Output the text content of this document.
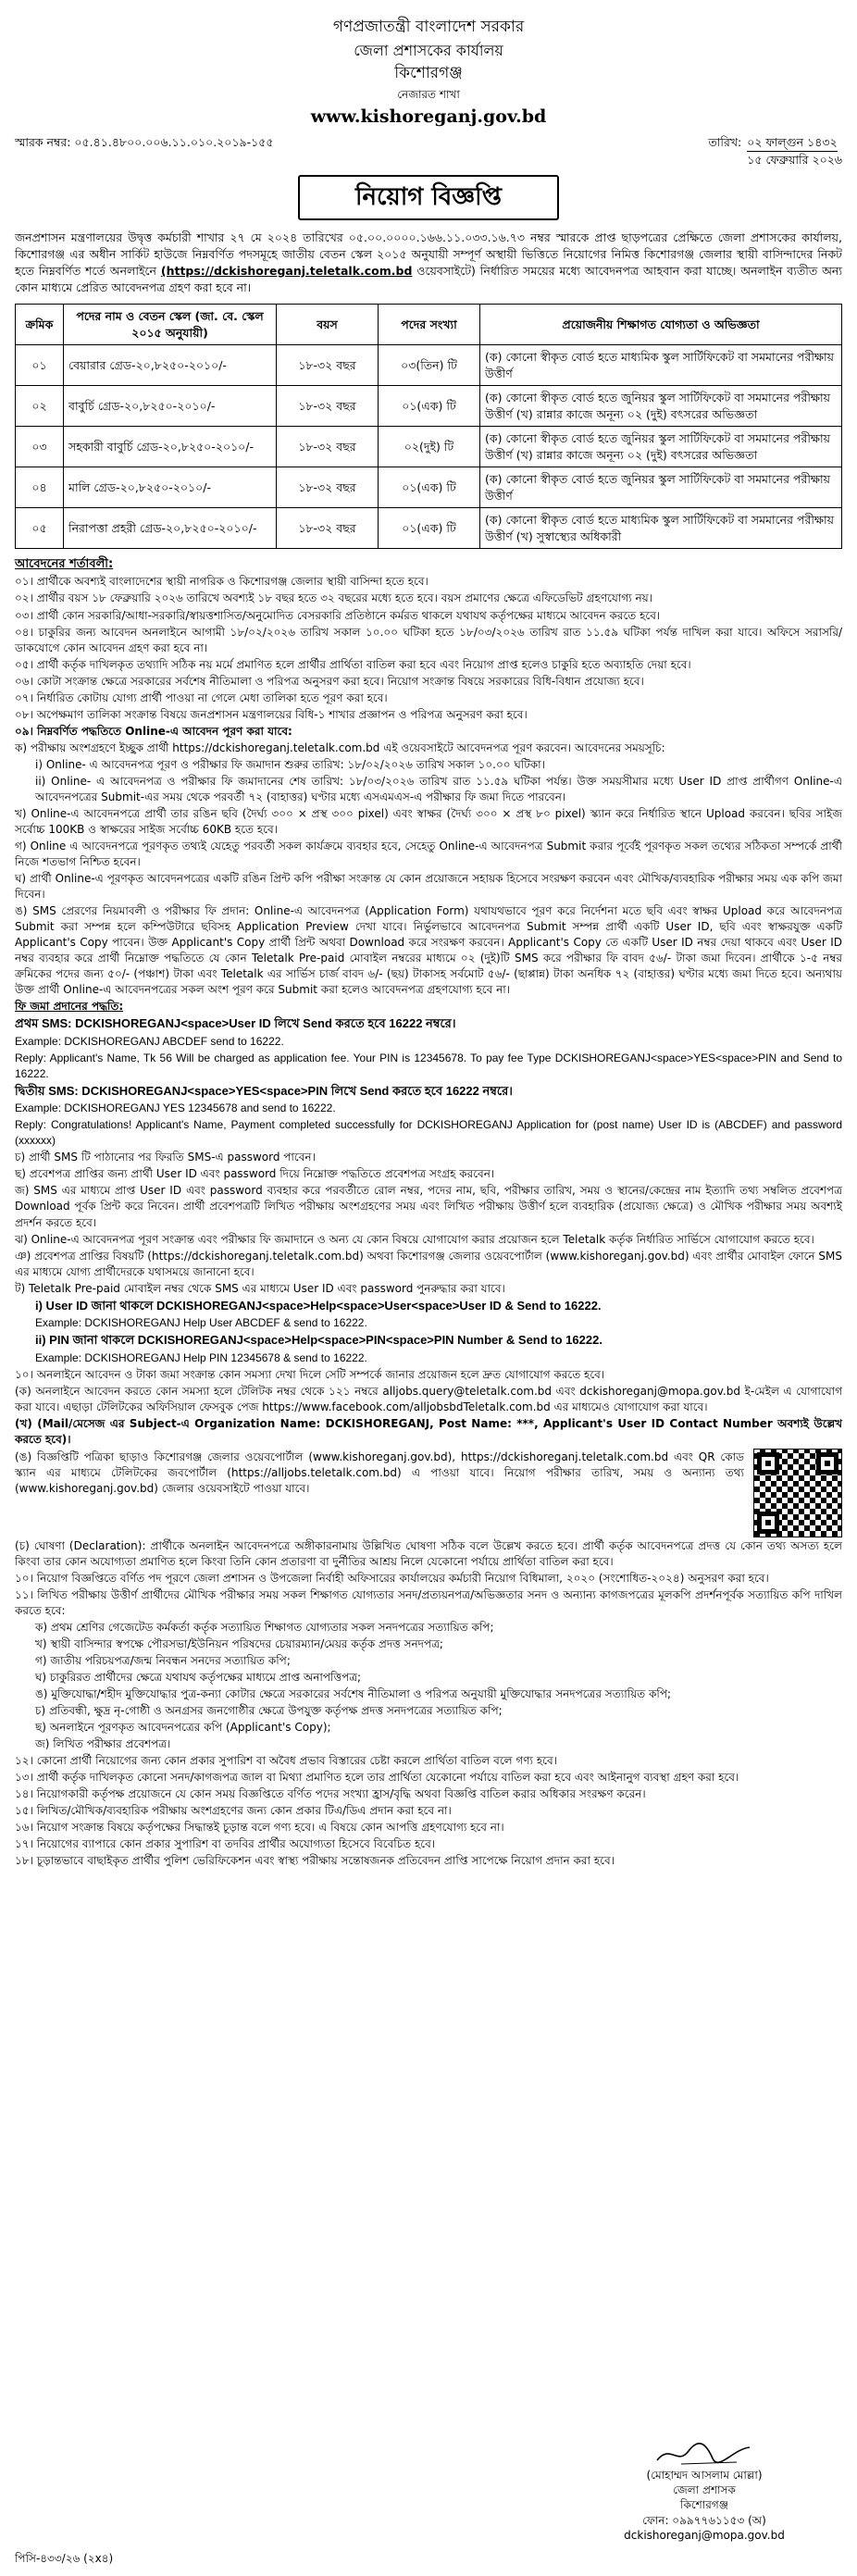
গণপ্রজাতন্ত্রী বাংলাদেশ সরকার
জেলা প্রশাসকের কার্যালয়
কিশোরগঞ্জ
নেজারত শাখা
www.kishoreganj.gov.bd
স্মারক নম্বর: ০৫.৪১.৪৮০০.০০৬.১১.০১০.২০১৯-১৫৫	তারিখ: ০২ ফাল্গুন ১৪৩২
১৫ ফেব্রুয়ারি ২০২৬
নিয়োগ বিজ্ঞপ্তি
জনপ্রশাসন মন্ত্রণালয়ের উদ্বৃত্ত কর্মচারী শাখার ২৭ মে ২০২৪ তারিখের ০৫.০০.০০০০.১৬৬.১১.০৩৩.১৬.৭৩ নম্বর স্মারকে প্রাপ্ত ছাড়পত্রের প্রেক্ষিতে জেলা প্রশাসকের কার্যালয়, কিশোরগঞ্জ এর অধীন সার্কিট হাউজে নিম্নবর্ণিত পদসমূহে জাতীয় বেতন স্কেল ২০১৫ অনুযায়ী সম্পূর্ণ অস্থায়ী ভিত্তিতে নিয়োগের নিমিত্ত কিশোরগঞ্জ জেলার স্থায়ী বাসিন্দাদের নিকট হতে নিম্নবর্ণিত শর্তে অনলাইনে (https://dckishoreganj.teletalk.com.bd ওয়েবসাইটে) নির্ধারিত সময়ের মধ্যে আবেদনপত্র আহবান করা যাচ্ছে। অনলাইন ব্যতীত অন্য কোন মাধ্যমে প্রেরিত আবেদনপত্র গ্রহণ করা হবে না।
ক্রমিক	পদের নাম ও বেতন স্কেল (জা. বে. স্কেল ২০১৫ অনুযায়ী)	বয়স	পদের সংখ্যা	প্রয়োজনীয় শিক্ষাগত যোগ্যতা ও অভিজ্ঞতা
০১	বেয়ারার গ্রেড-২০,৮২৫০-২০১০/-	১৮-৩২ বছর	০৩(তিন) টি	(ক) কোনো স্বীকৃত বোর্ড হতে মাধ্যমিক স্কুল সার্টিফিকেট বা সমমানের পরীক্ষায় উত্তীর্ণ
০২	বাবুর্চি গ্রেড-২০,৮২৫০-২০১০/-	১৮-৩২ বছর	০১(এক) টি	(ক) কোনো স্বীকৃত বোর্ড হতে জুনিয়র স্কুল সার্টিফিকেট বা সমমানের পরীক্ষায় উত্তীর্ণ (খ) রান্নার কাজে অনূন্য ০২ (দুই) বৎসরের অভিজ্ঞতা
০৩	সহকারী বাবুর্চি গ্রেড-২০,৮২৫০-২০১০/-	১৮-৩২ বছর	০২(দুই) টি	(ক) কোনো স্বীকৃত বোর্ড হতে জুনিয়র স্কুল সার্টিফিকেট বা সমমানের পরীক্ষায় উত্তীর্ণ (খ) রান্নার কাজে অনূন্য ০২ (দুই) বৎসরের অভিজ্ঞতা
০৪	মালি গ্রেড-২০,৮২৫০-২০১০/-	১৮-৩২ বছর	০১(এক) টি	(ক) কোনো স্বীকৃত বোর্ড হতে জুনিয়র স্কুল সার্টিফিকেট বা সমমানের পরীক্ষায় উত্তীর্ণ
০৫	নিরাপত্তা প্রহরী গ্রেড-২০,৮২৫০-২০১০/-	১৮-৩২ বছর	০১(এক) টি	(ক) কোনো স্বীকৃত বোর্ড হতে মাধ্যমিক স্কুল সার্টিফিকেট বা সমমানের পরীক্ষায় উত্তীর্ণ (খ) সুস্বাস্থ্যের অধিকারী
আবেদনের শর্তাবলী:

০১। প্রার্থীকে অবশ্যই বাংলাদেশের স্থায়ী নাগরিক ও কিশোরগঞ্জ জেলার স্থায়ী বাসিন্দা হতে হবে।

০২। প্রার্থীর বয়স ১৮ ফেব্রুয়ারি ২০২৬ তারিখে অবশ্যই ১৮ বছর হতে ৩২ বছরের মধ্যে হতে হবে। বয়স প্রমাণের ক্ষেত্রে এফিডেভিট গ্রহণযোগ্য নয়।

০৩। প্রার্থী কোন সরকারি/আধা-সরকারি/স্বায়ত্তশাসিত/অনুমোদিত বেসরকারি প্রতিষ্ঠানে কর্মরত থাকলে যথাযথ কর্তৃপক্ষের মাধ্যমে আবেদন করতে হবে।

০৪। চাকুরির জন্য আবেদন অনলাইনে আগামী ১৮/০২/২০২৬ তারিখ সকাল ১০.০০ ঘটিকা হতে ১৮/০৩/২০২৬ তারিখ রাত ১১.৫৯ ঘটিকা পর্যন্ত দাখিল করা যাবে। অফিসে সরাসরি/ডাকযোগে কোন আবেদন গ্রহণ করা হবে না।

০৫। প্রার্থী কর্তৃক দাখিলকৃত তথ্যাদি সঠিক নয় মর্মে প্রমাণিত হলে প্রার্থীর প্রার্থিতা বাতিল করা হবে এবং নিয়োগ প্রাপ্ত হলেও চাকুরি হতে অব্যাহতি দেয়া হবে।

০৬। কোটা সংক্রান্ত ক্ষেত্রে সরকারের সর্বশেষ নীতিমালা ও পরিপত্র অনুসরণ করা হবে। নিয়োগ সংক্রান্ত বিষয়ে সরকারের বিধি-বিধান প্রযোজ্য হবে।

০৭। নির্ধারিত কোটায় যোগ্য প্রার্থী পাওয়া না গেলে মেধা তালিকা হতে পূরণ করা হবে।

০৮। অপেক্ষমাণ তালিকা সংক্রান্ত বিষয়ে জনপ্রশাসন মন্ত্রণালয়ের বিধি-১ শাখার প্রজ্ঞাপন ও পরিপত্র অনুসরণ করা হবে।

০৯। নিম্নবর্ণিত পদ্ধতিতে Online-এ আবেদন পূরণ করা যাবে:

ক) পরীক্ষায় অংশগ্রহণে ইচ্ছুক প্রার্থী https://dckishoreganj.teletalk.com.bd এই ওয়েবসাইটে আবেদনপত্র পূরণ করবেন। আবেদনের সময়সূচি:

i) Online- এ আবেদনপত্র পূরণ ও পরীক্ষার ফি জমাদান শুরুর তারিখ: ১৮/০২/২০২৬ তারিখ সকাল ১০.০০ ঘটিকা।

ii) Online- এ আবেদনপত্র ও পরীক্ষার ফি জমাদানের শেষ তারিখ: ১৮/০৩/২০২৬ তারিখ রাত ১১.৫৯ ঘটিকা পর্যন্ত। উক্ত সময়সীমার মধ্যে User ID প্রাপ্ত প্রার্থীগণ Online-এ আবেদনপত্রের Submit-এর সময় থেকে পরবর্তী ৭২ (বাহাত্তর) ঘণ্টার মধ্যে এসএমএস-এ পরীক্ষার ফি জমা দিতে পারবেন।

খ) Online-এ আবেদনপত্রে প্রার্থী তার রঙিন ছবি (দৈর্ঘ্য ৩০০ × প্রস্থ ৩০০ pixel) এবং স্বাক্ষর (দৈর্ঘ্য ৩০০ × প্রস্থ ৮০ pixel) স্ক্যান করে নির্ধারিত স্থানে Upload করবেন। ছবির সাইজ সর্বোচ্চ 100KB ও স্বাক্ষরের সাইজ সর্বোচ্চ 60KB হতে হবে।

গ) Online এ আবেদনপত্রে পূরণকৃত তথ্যই যেহেতু পরবর্তী সকল কার্যক্রমে ব্যবহার হবে, সেহেতু Online-এ আবেদনপত্র Submit করার পূর্বেই পূরণকৃত সকল তথ্যের সঠিকতা সম্পর্কে প্রার্থী নিজে শতভাগ নিশ্চিত হবেন।

ঘ) প্রার্থী Online-এ পূরণকৃত আবেদনপত্রের একটি রঙিন প্রিন্ট কপি পরীক্ষা সংক্রান্ত যে কোন প্রয়োজনে সহায়ক হিসেবে সংরক্ষণ করবেন এবং মৌখিক/ব্যবহারিক পরীক্ষার সময় এক কপি জমা দিবেন।

ঙ) SMS প্রেরণের নিয়মাবলী ও পরীক্ষার ফি প্রদান: Online-এ আবেদনপত্র (Application Form) যথাযথভাবে পূরণ করে নির্দেশনা মতে ছবি এবং স্বাক্ষর Upload করে আবেদনপত্র Submit করা সম্পন্ন হলে কম্পিউটারে ছবিসহ Application Preview দেখা যাবে। নির্ভুলভাবে আবেদনপত্র Submit সম্পন্ন প্রার্থী একটি User ID, ছবি এবং স্বাক্ষরযুক্ত একটি Applicant's Copy পাবেন। উক্ত Applicant's Copy প্রার্থী প্রিন্ট অথবা Download করে সংরক্ষণ করবেন। Applicant's Copy তে একটি User ID নম্বর দেয়া থাকবে এবং User ID নম্বর ব্যবহার করে প্রার্থী নিম্নোক্ত পদ্ধতিতে যে কোন Teletalk Pre-paid মোবাইল নম্বরের মাধ্যমে ০২ (দুই)টি SMS করে পরীক্ষার ফি বাবদ ৫৬/- টাকা জমা দিবেন। প্রার্থীকে ১-৫ নম্বর ক্রমিকের পদের জন্য ৫০/- (পঞ্চাশ) টাকা এবং Teletalk এর সার্ভিস চার্জ বাবদ ৬/- (ছয়) টাকাসহ সর্বমোট ৫৬/- (ছাপ্পান্ন) টাকা অনধিক ৭২ (বাহাত্তর) ঘণ্টার মধ্যে জমা দিতে হবে। অন্যথায় উক্ত প্রার্থী Online-এ আবেদনপত্রের সকল অংশ পূরণ করে Submit করা হলেও আবেদনপত্র গ্রহণযোগ্য হবে না।

ফি জমা প্রদানের পদ্ধতি:

প্রথম SMS: DCKISHOREGANJ<space>User ID লিখে Send করতে হবে 16222 নম্বরে।

Example: DCKISHOREGANJ ABCDEF send to 16222.

Reply: Applicant's Name, Tk 56 Will be charged as application fee. Your PIN is 12345678. To pay fee Type DCKISHOREGANJ<space>YES<space>PIN and Send to 16222.

দ্বিতীয় SMS: DCKISHOREGANJ<space>YES<space>PIN লিখে Send করতে হবে 16222 নম্বরে।

Example: DCKISHOREGANJ YES 12345678 and send to 16222.

Reply: Congratulations! Applicant's Name, Payment completed successfully for DCKISHOREGANJ Application for (post name) User ID is (ABCDEF) and password (xxxxxx)

চ) প্রার্থী SMS টি পাঠানোর পর ফিরতি SMS-এ password পাবেন।

ছ) প্রবেশপত্র প্রাপ্তির জন্য প্রার্থী User ID এবং password দিয়ে নিম্নোক্ত পদ্ধতিতে প্রবেশপত্র সংগ্রহ করবেন।

জ) SMS এর মাধ্যমে প্রাপ্ত User ID এবং password ব্যবহার করে পরবর্তীতে রোল নম্বর, পদের নাম, ছবি, পরীক্ষার তারিখ, সময় ও স্থানের/কেন্দ্রের নাম ইত্যাদি তথ্য সম্বলিত প্রবেশপত্র Download পূর্বক প্রিন্ট করে নিবেন। প্রার্থী প্রবেশপত্রটি লিখিত পরীক্ষায় অংশগ্রহণের সময় এবং লিখিত পরীক্ষায় উত্তীর্ণ হলে ব্যবহারিক (প্রযোজ্য ক্ষেত্রে) ও মৌখিক পরীক্ষার সময় অবশ্যই প্রদর্শন করতে হবে।

ঝ) Online-এ আবেদনপত্র পূরণ সংক্রান্ত এবং পরীক্ষার ফি জমাদানে ও অন্য যে কোন বিষয়ে যোগাযোগ করার প্রয়োজন হলে Teletalk কর্তৃক নির্ধারিত সার্ভিসে যোগাযোগ করতে হবে।

ঞ) প্রবেশপত্র প্রাপ্তির বিষয়টি (https://dckishoreganj.teletalk.com.bd) অথবা কিশোরগঞ্জ জেলার ওয়েবপোর্টাল (www.kishoreganj.gov.bd) এবং প্রার্থীর মোবাইল ফোনে SMS এর মাধ্যমে যোগ্য প্রার্থীদেরকে যথাসময়ে জানানো হবে।

ট) Teletalk Pre-paid মোবাইল নম্বর থেকে SMS এর মাধ্যমে User ID এবং password পুনরুদ্ধার করা যাবে।

i) User ID জানা থাকলে DCKISHOREGANJ<space>Help<space>User<space>User ID & Send to 16222.

Example: DCKISHOREGANJ Help User ABCDEF & send to 16222.

ii) PIN জানা থাকলে DCKISHOREGANJ<space>Help<space>PIN<space>PIN Number & Send to 16222.

Example: DCKISHOREGANJ Help PIN 12345678 & send to 16222.

১০। অনলাইনে আবেদন ও টাকা জমা সংক্রান্ত কোন সমস্যা দেখা দিলে সেটি সম্পর্কে জানার প্রয়োজন হলে দ্রুত যোগাযোগ করতে হবে।

(ক) অনলাইনে আবেদন করতে কোন সমস্যা হলে টেলিটক নম্বর থেকে ১২১ নম্বরে alljobs.query@teletalk.com.bd এবং dckishoreganj@mopa.gov.bd ই-মেইল এ যোগাযোগ করা যাবে। এছাড়া টেলিটকের অফিসিয়াল ফেসবুক পেজ https://www.facebook.com/alljobsbdTeletalk.com.bd এর মাধ্যমেও যোগাযোগ করা যাবে।

(খ) (Mail/মেসেজ এর Subject-এ Organization Name: DCKISHOREGANJ, Post Name: ***, Applicant's User ID Contact Number অবশ্যই উল্লেখ করতে হবে)।

(ঙ) বিজ্ঞপ্তিটি পত্রিকা ছাড়াও কিশোরগঞ্জ জেলার ওয়েবপোর্টাল (www.kishoreganj.gov.bd), https://dckishoreganj.teletalk.com.bd এবং QR কোড স্ক্যান এর মাধ্যমে টেলিটকের জবপোর্টাল (https://alljobs.teletalk.com.bd) এ পাওয়া যাবে। নিয়োগ পরীক্ষার তারিখ, সময় ও অন্যান্য তথ্য (www.kishoreganj.gov.bd) জেলার ওয়েবসাইটে পাওয়া যাবে।

(চ) ঘোষণা (Declaration): প্রার্থীকে অনলাইন আবেদনপত্রে অঙ্গীকারনামায় উল্লিখিত ঘোষণা সঠিক বলে উল্লেখ করতে হবে। প্রার্থী কর্তৃক আবেদনপত্রে প্রদত্ত যে কোন তথ্য অসত্য হলে কিংবা তার কোন অযোগ্যতা প্রমাণিত হলে কিংবা তিনি কোন প্রতারণা বা দুর্নীতির আশ্রয় নিলে যেকোনো পর্যায়ে প্রার্থিতা বাতিল করা হবে।

১০। নিয়োগ বিজ্ঞপ্তিতে বর্ণিত পদ পূরণে জেলা প্রশাসন ও উপজেলা নির্বাহী অফিসারের কার্যালয়ের কর্মচারী নিয়োগ বিধিমালা, ২০২০ (সংশোধিত-২০২৪) অনুসরণ করা হবে।

১১। লিখিত পরীক্ষায় উত্তীর্ণ প্রার্থীদের মৌখিক পরীক্ষার সময় সকল শিক্ষাগত যোগ্যতার সনদ/প্রত্যয়নপত্র/অভিজ্ঞতার সনদ ও অন্যান্য কাগজপত্রের মূলকপি প্রদর্শনপূর্বক সত্যায়িত কপি দাখিল করতে হবে:

ক) প্রথম শ্রেণির গেজেটেড কর্মকর্তা কর্তৃক সত্যায়িত শিক্ষাগত যোগ্যতার সকল সনদপত্রের সত্যায়িত কপি;

খ) স্থায়ী বাসিন্দার স্বপক্ষে পৌরসভা/ইউনিয়ন পরিষদের চেয়ারম্যান/মেয়র কর্তৃক প্রদত্ত সনদপত্র;

গ) জাতীয় পরিচয়পত্র/জন্ম নিবন্ধন সনদের সত্যায়িত কপি;

ঘ) চাকুরিরত প্রার্থীদের ক্ষেত্রে যথাযথ কর্তৃপক্ষের মাধ্যমে প্রাপ্ত অনাপত্তিপত্র;

ঙ) মুক্তিযোদ্ধা/শহীদ মুক্তিযোদ্ধার পুত্র-কন্যা কোটার ক্ষেত্রে সরকারের সর্বশেষ নীতিমালা ও পরিপত্র অনুযায়ী মুক্তিযোদ্ধার সনদপত্রের সত্যায়িত কপি;

চ) প্রতিবন্ধী, ক্ষুদ্র নৃ-গোষ্ঠী ও অনগ্রসর জনগোষ্ঠীর ক্ষেত্রে উপযুক্ত কর্তৃপক্ষ প্রদত্ত সনদপত্রের সত্যায়িত কপি;

ছ) অনলাইনে পূরণকৃত আবেদনপত্রের কপি (Applicant's Copy);

জ) লিখিত পরীক্ষার প্রবেশপত্র।

১২। কোনো প্রার্থী নিয়োগের জন্য কোন প্রকার সুপারিশ বা অবৈধ প্রভাব বিস্তারের চেষ্টা করলে প্রার্থিতা বাতিল বলে গণ্য হবে।

১৩। প্রার্থী কর্তৃক দাখিলকৃত কোনো সনদ/কাগজপত্র জাল বা মিথ্যা প্রমাণিত হলে তার প্রার্থিতা যেকোনো পর্যায়ে বাতিল করা হবে এবং আইনানুগ ব্যবস্থা গ্রহণ করা হবে।

১৪। নিয়োগকারী কর্তৃপক্ষ প্রয়োজনে যে কোন সময় বিজ্ঞপ্তিতে বর্ণিত পদের সংখ্যা হ্রাস/বৃদ্ধি অথবা বিজ্ঞপ্তি বাতিল করার অধিকার সংরক্ষণ করেন।

১৫। লিখিত/মৌখিক/ব্যবহারিক পরীক্ষায় অংশগ্রহণের জন্য কোন প্রকার টিএ/ডিএ প্রদান করা হবে না।

১৬। নিয়োগ সংক্রান্ত বিষয়ে কর্তৃপক্ষের সিদ্ধান্তই চূড়ান্ত বলে গণ্য হবে। এ বিষয়ে কোন আপত্তি গ্রহণযোগ্য হবে না।

১৭। নিয়োগের ব্যাপারে কোন প্রকার সুপারিশ বা তদবির প্রার্থীর অযোগ্যতা হিসেবে বিবেচিত হবে।

১৮। চূড়ান্তভাবে বাছাইকৃত প্রার্থীর পুলিশ ভেরিফিকেশন এবং স্বাস্থ্য পরীক্ষায় সন্তোষজনক প্রতিবেদন প্রাপ্তি সাপেক্ষে নিয়োগ প্রদান করা হবে।

(মোহাম্মদ আসলাম মোল্লা)
জেলা প্রশাসক
কিশোরগঞ্জ
ফোন: ০৯৯৭৭৬১১৫৩ (অ)
dckishoreganj@mopa.gov.bd
পিসি-৪৩৩/২৬ (২x৪)
